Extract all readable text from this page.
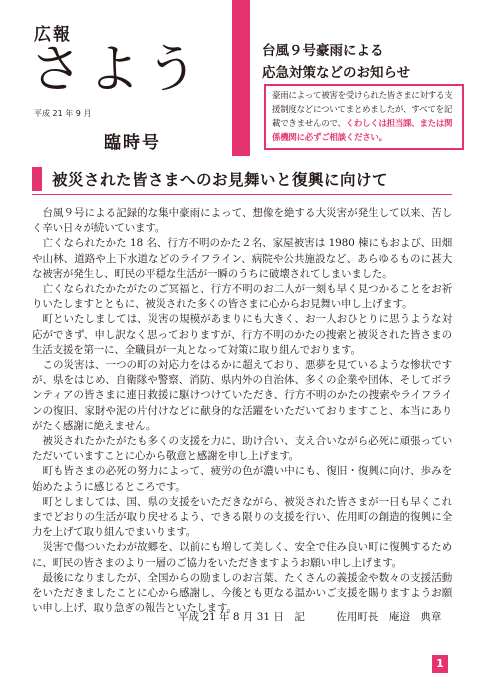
広報
さよう
平成 21 年 9 月
臨時号
台風９号豪雨による
応急対策などのお知らせ
豪雨によって被害を受けられた皆さまに対する支援制度などについてまとめましたが、すべてを記載できませんので、くわしくは担当課、または関係機関に必ずご相談ください。
被災された皆さまへのお見舞いと復興に向けて

台風９号による記録的な集中豪雨によって、想像を絶する大災害が発生して以来、苦しく辛い日々が続いています。

亡くなられたかた 18 名、行方不明のかた２名、家屋被害は 1980 棟にもおよび、田畑や山林、道路や上下水道などのライフライン、病院や公共施設など、あらゆるものに甚大な被害が発生し、町民の平穏な生活が一瞬のうちに破壊されてしまいました。

亡くなられたかたがたのご冥福と、行方不明のお二人が一刻も早く見つかることをお祈りいたしますとともに、被災された多くの皆さまに心からお見舞い申し上げます。

町といたしましては、災害の規模があまりにも大きく、お一人おひとりに思うような対応ができず、申し訳なく思っておりますが、行方不明のかたの捜索と被災された皆さまの生活支援を第一に、全職員が一丸となって対策に取り組んでおります。

この災害は、一つの町の対応力をはるかに超えており、悪夢を見ているような惨状ですが、県をはじめ、自衛隊や警察、消防、県内外の自治体、多くの企業や団体、そしてボランティアの皆さまに連日救援に駆けつけていただき、行方不明のかたの捜索やライフラインの復旧、家財や泥の片付けなどに献身的な活躍をいただいておりますこと、本当にありがたく感謝に絶えません。

被災されたかたがたも多くの支援を力に、助け合い、支え合いながら必死に頑張っていただいていますことに心から敬意と感謝を申し上げます。

町も皆さまの必死の努力によって、疲労の色が濃い中にも、復旧・復興に向け、歩みを始めたように感じるところです。

町としましては、国、県の支援をいただきながら、被災された皆さまが一日も早くこれまでどおりの生活が取り戻せるよう、できる限りの支援を行い、佐用町の創造的復興に全力を上げて取り組んでまいります。

災害で傷ついたわが故郷を、以前にも増して美しく、安全で住み良い町に復興するために、町民の皆さまのより一層のご協力をいただきますようお願い申し上げます。

最後になりましたが、全国からの励ましのお言葉、たくさんの義援金や数々の支援活動をいただきましたことに心から感謝し、今後とも更なる温かいご支援を賜りますようお願い申し上げ、取り急ぎの報告といたします。

平成 21 年 8 月 31 日　記　　　佐用町長　庵逧　典章
1
